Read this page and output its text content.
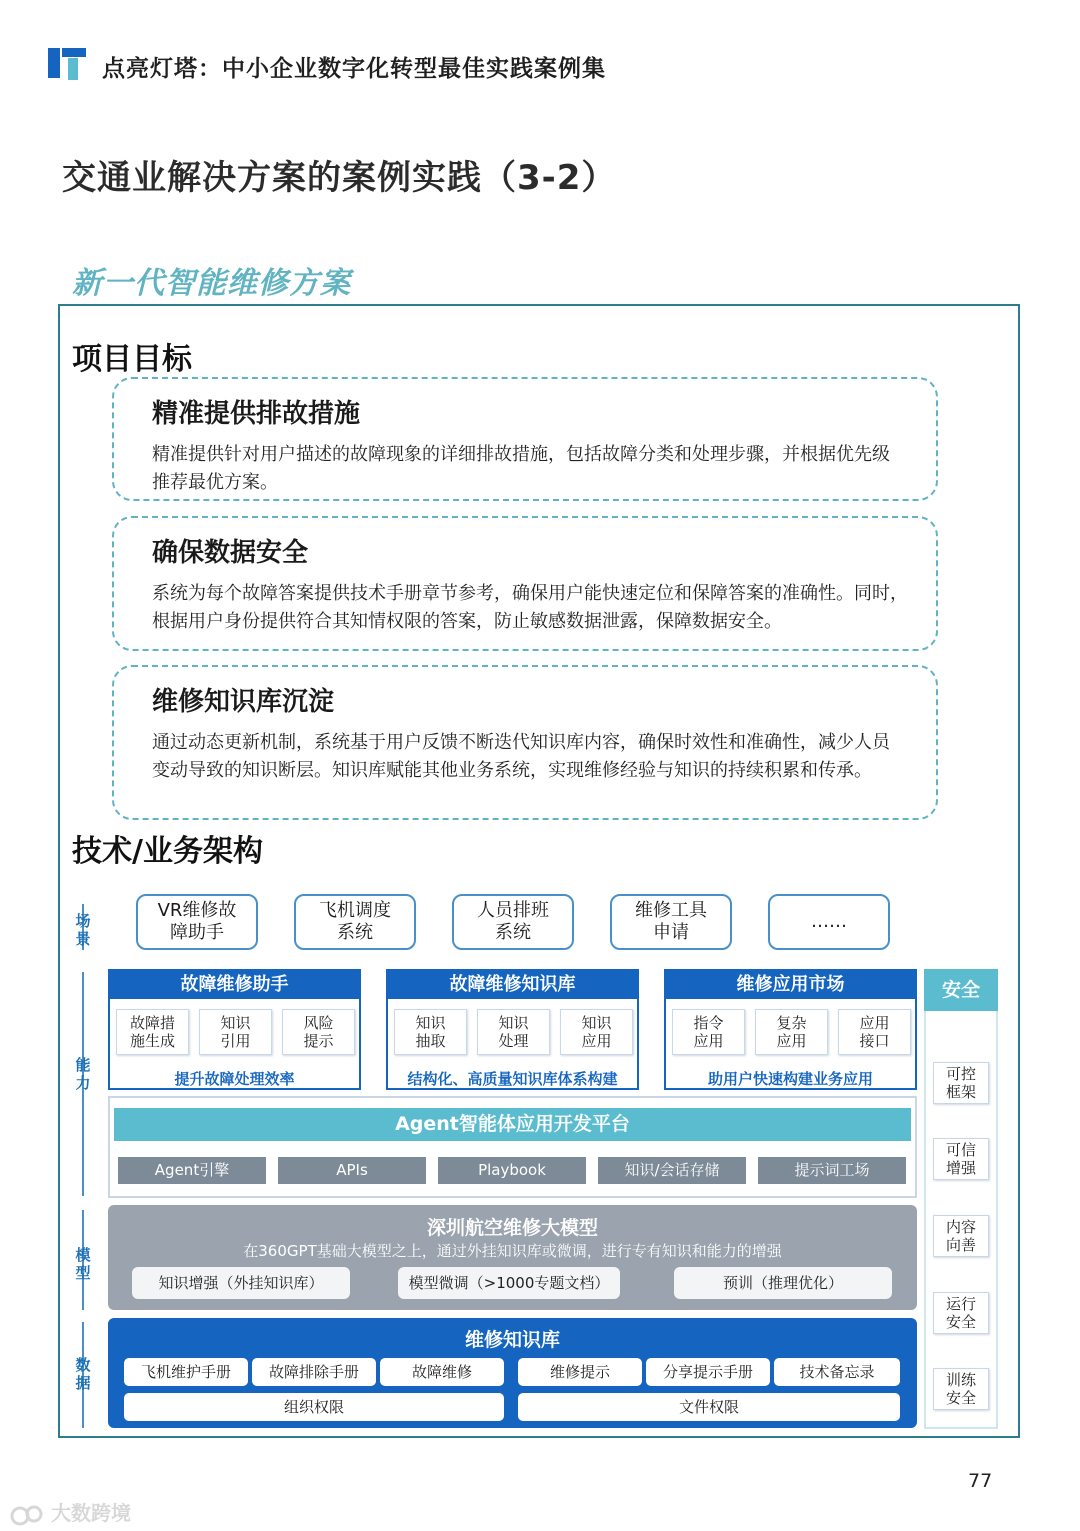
点亮灯塔：中小企业数字化转型最佳实践案例集
交通业解决方案的案例实践（3-2）
新一代智能维修方案
项目目标
精准提供排故措施
精准提供针对用户描述的故障现象的详细排故措施，包括故障分类和处理步骤，并根据优先级推荐最优方案。
确保数据安全
系统为每个故障答案提供技术手册章节参考，确保用户能快速定位和保障答案的准确性。同时，根据用户身份提供符合其知情权限的答案，防止敏感数据泄露，保障数据安全。
维修知识库沉淀
通过动态更新机制，系统基于用户反馈不断迭代知识库内容，确保时效性和准确性，减少人员变动导致的知识断层。知识库赋能其他业务系统，实现维修经验与知识的持续积累和传承。
技术/业务架构
场景
能力
模型
数据
VR维修故障助手
飞机调度系统
人员排班系统
维修工具申请
……
故障维修助手
故障措施生成
知识引用
风险提示
提升故障处理效率
故障维修知识库
知识抽取
知识处理
知识应用
结构化、高质量知识库体系构建
维修应用市场
指令应用
复杂应用
应用接口
助用户快速构建业务应用
Agent智能体应用开发平台
Agent引擎	APIs	Playbook	知识/会话存储	提示词工场
深圳航空维修大模型
在360GPT基础大模型之上，通过外挂知识库或微调，进行专有知识和能力的增强
知识增强（外挂知识库）	模型微调（>1000专题文档）	预训（推理优化）
维修知识库
飞机维护手册	故障排除手册	故障维修	维修提示	分享提示手册	技术备忘录
组织权限	文件权限
安全
可控框架
可信增强
内容向善
运行安全
训练安全
77
大数跨境
